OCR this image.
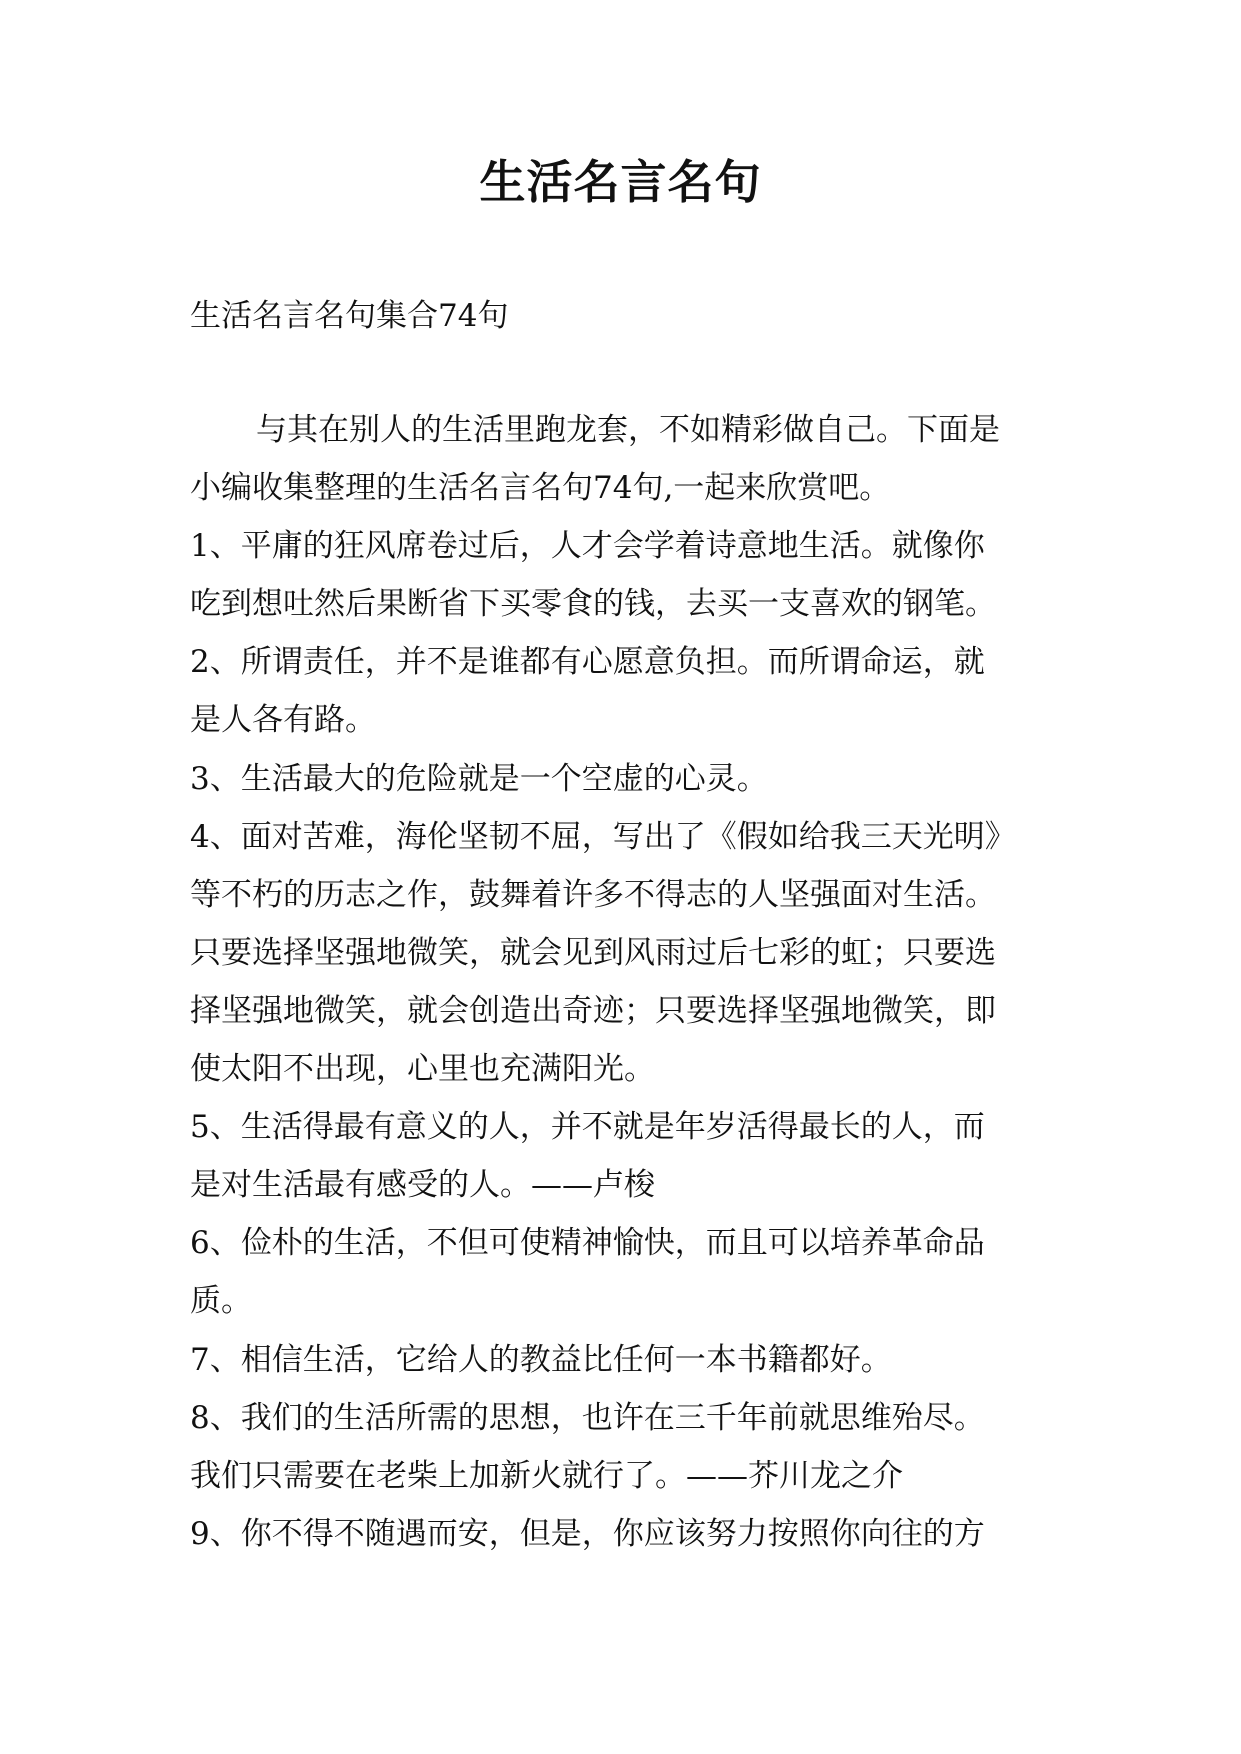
生活名言名句
生活名言名句集合74句
与其在别人的生活里跑龙套，不如精彩做自己。下面是
小编收集整理的生活名言名句74句,一起来欣赏吧。
1、平庸的狂风席卷过后，人才会学着诗意地生活。就像你
吃到想吐然后果断省下买零食的钱，去买一支喜欢的钢笔。
2、所谓责任，并不是谁都有心愿意负担。而所谓命运，就
是人各有路。
3、生活最大的危险就是一个空虚的心灵。
4、面对苦难，海伦坚韧不屈，写出了《假如给我三天光明》
等不朽的历志之作，鼓舞着许多不得志的人坚强面对生活。
只要选择坚强地微笑，就会见到风雨过后七彩的虹；只要选
择坚强地微笑，就会创造出奇迹；只要选择坚强地微笑，即
使太阳不出现，心里也充满阳光。
5、生活得最有意义的人，并不就是年岁活得最长的人，而
是对生活最有感受的人。——卢梭
6、俭朴的生活，不但可使精神愉快，而且可以培养革命品
质。
7、相信生活，它给人的教益比任何一本书籍都好。
8、我们的生活所需的思想，也许在三千年前就思维殆尽。
我们只需要在老柴上加新火就行了。——芥川龙之介
9、你不得不随遇而安，但是，你应该努力按照你向往的方
